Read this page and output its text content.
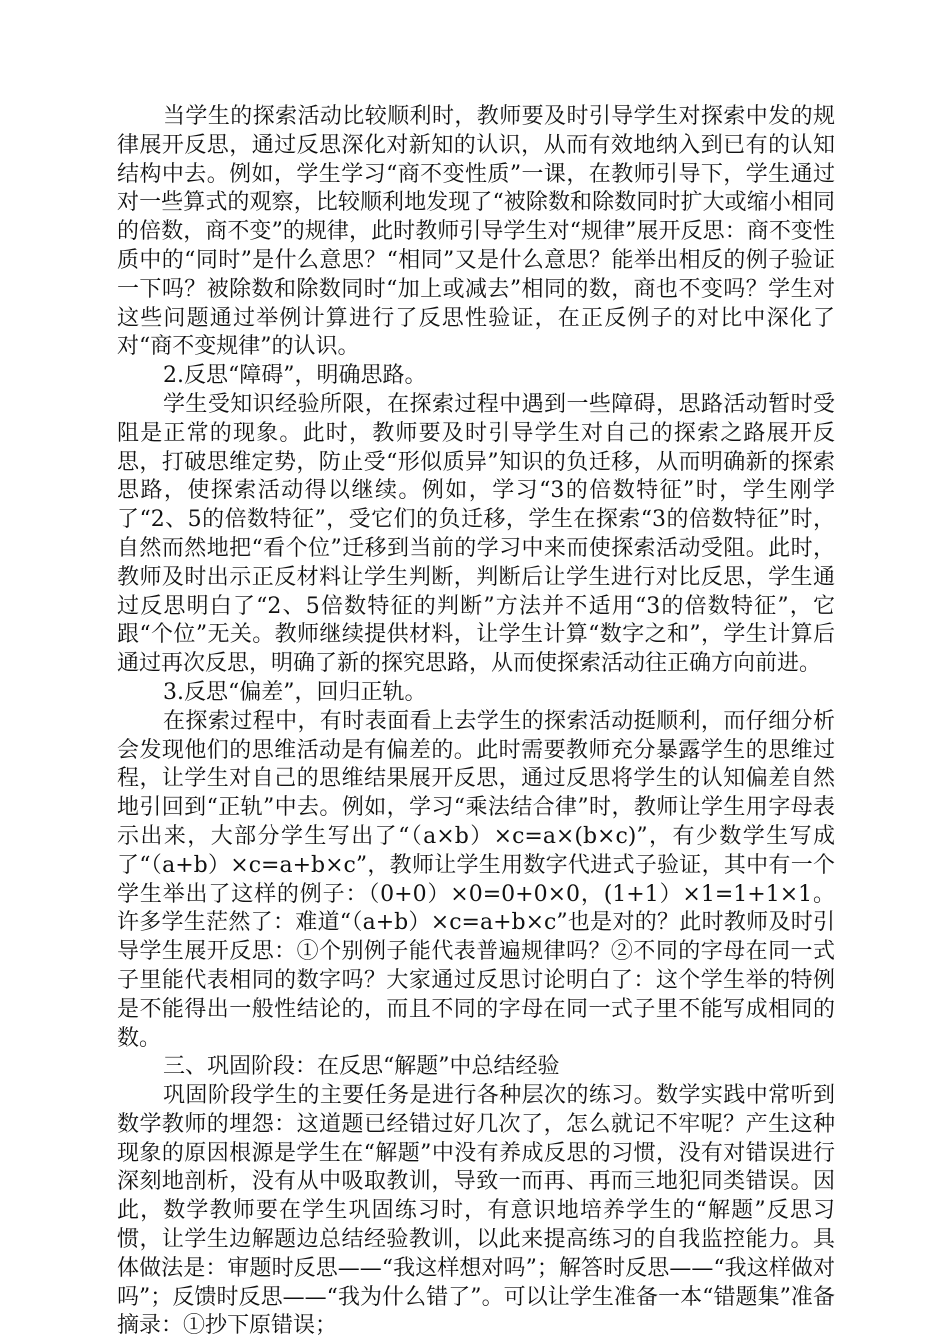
当学生的探索活动比较顺利时，教师要及时引导学生对探索中发的规律展开反思，通过反思深化对新知的认识，从而有效地纳入到已有的认知结构中去。例如，学生学习“商不变性质”一课，在教师引导下，学生通过对一些算式的观察，比较顺利地发现了“被除数和除数同时扩大或缩小相同的倍数，商不变”的规律，此时教师引导学生对“规律”展开反思：商不变性质中的“同时”是什么意思？“相同”又是什么意思？能举出相反的例子验证一下吗？被除数和除数同时“加上或减去”相同的数，商也不变吗？学生对这些问题通过举例计算进行了反思性验证，在正反例子的对比中深化了对“商不变规律”的认识。

2.反思“障碍”，明确思路。

学生受知识经验所限，在探索过程中遇到一些障碍，思路活动暂时受阻是正常的现象。此时，教师要及时引导学生对自己的探索之路展开反思，打破思维定势，防止受“形似质异”知识的负迁移，从而明确新的探索思路，使探索活动得以继续。例如，学习“3的倍数特征”时，学生刚学了“2、5的倍数特征”，受它们的负迁移，学生在探索“3的倍数特征”时，自然而然地把“看个位”迁移到当前的学习中来而使探索活动受阻。此时，教师及时出示正反材料让学生判断，判断后让学生进行对比反思，学生通过反思明白了“2、5倍数特征的判断”方法并不适用“3的倍数特征”，它跟“个位”无关。教师继续提供材料，让学生计算“数字之和”，学生计算后通过再次反思，明确了新的探究思路，从而使探索活动往正确方向前进。

3.反思“偏差”，回归正轨。

在探索过程中，有时表面看上去学生的探索活动挺顺利，而仔细分析会发现他们的思维活动是有偏差的。此时需要教师充分暴露学生的思维过程，让学生对自己的思维结果展开反思，通过反思将学生的认知偏差自然地引回到“正轨”中去。例如，学习“乘法结合律”时，教师让学生用字母表示出来，大部分学生写出了“（a×b）×c=a×(b×c)”，有少数学生写成了“（a+b）×c=a+b×c”，教师让学生用数字代进式子验证，其中有一个学生举出了这样的例子：（0+0）×0=0+0×0，(1+1）×1=1+1×1。许多学生茫然了：难道“（a+b）×c=a+b×c”也是对的？此时教师及时引导学生展开反思：①个别例子能代表普遍规律吗？②不同的字母在同一式子里能代表相同的数字吗？大家通过反思讨论明白了：这个学生举的特例是不能得出一般性结论的，而且不同的字母在同一式子里不能写成相同的数。

三、巩固阶段：在反思“解题”中总结经验

巩固阶段学生的主要任务是进行各种层次的练习。数学实践中常听到数学教师的埋怨：这道题已经错过好几次了，怎么就记不牢呢？产生这种现象的原因根源是学生在“解题”中没有养成反思的习惯，没有对错误进行深刻地剖析，没有从中吸取教训，导致一而再、再而三地犯同类错误。因此，数学教师要在学生巩固练习时，有意识地培养学生的“解题”反思习惯，让学生边解题边总结经验教训，以此来提高练习的自我监控能力。具体做法是：审题时反思——“我这样想对吗”；解答时反思——“我这样做对吗”；反馈时反思——“我为什么错了”。可以让学生准备一本“错题集”准备摘录：①抄下原错误；
